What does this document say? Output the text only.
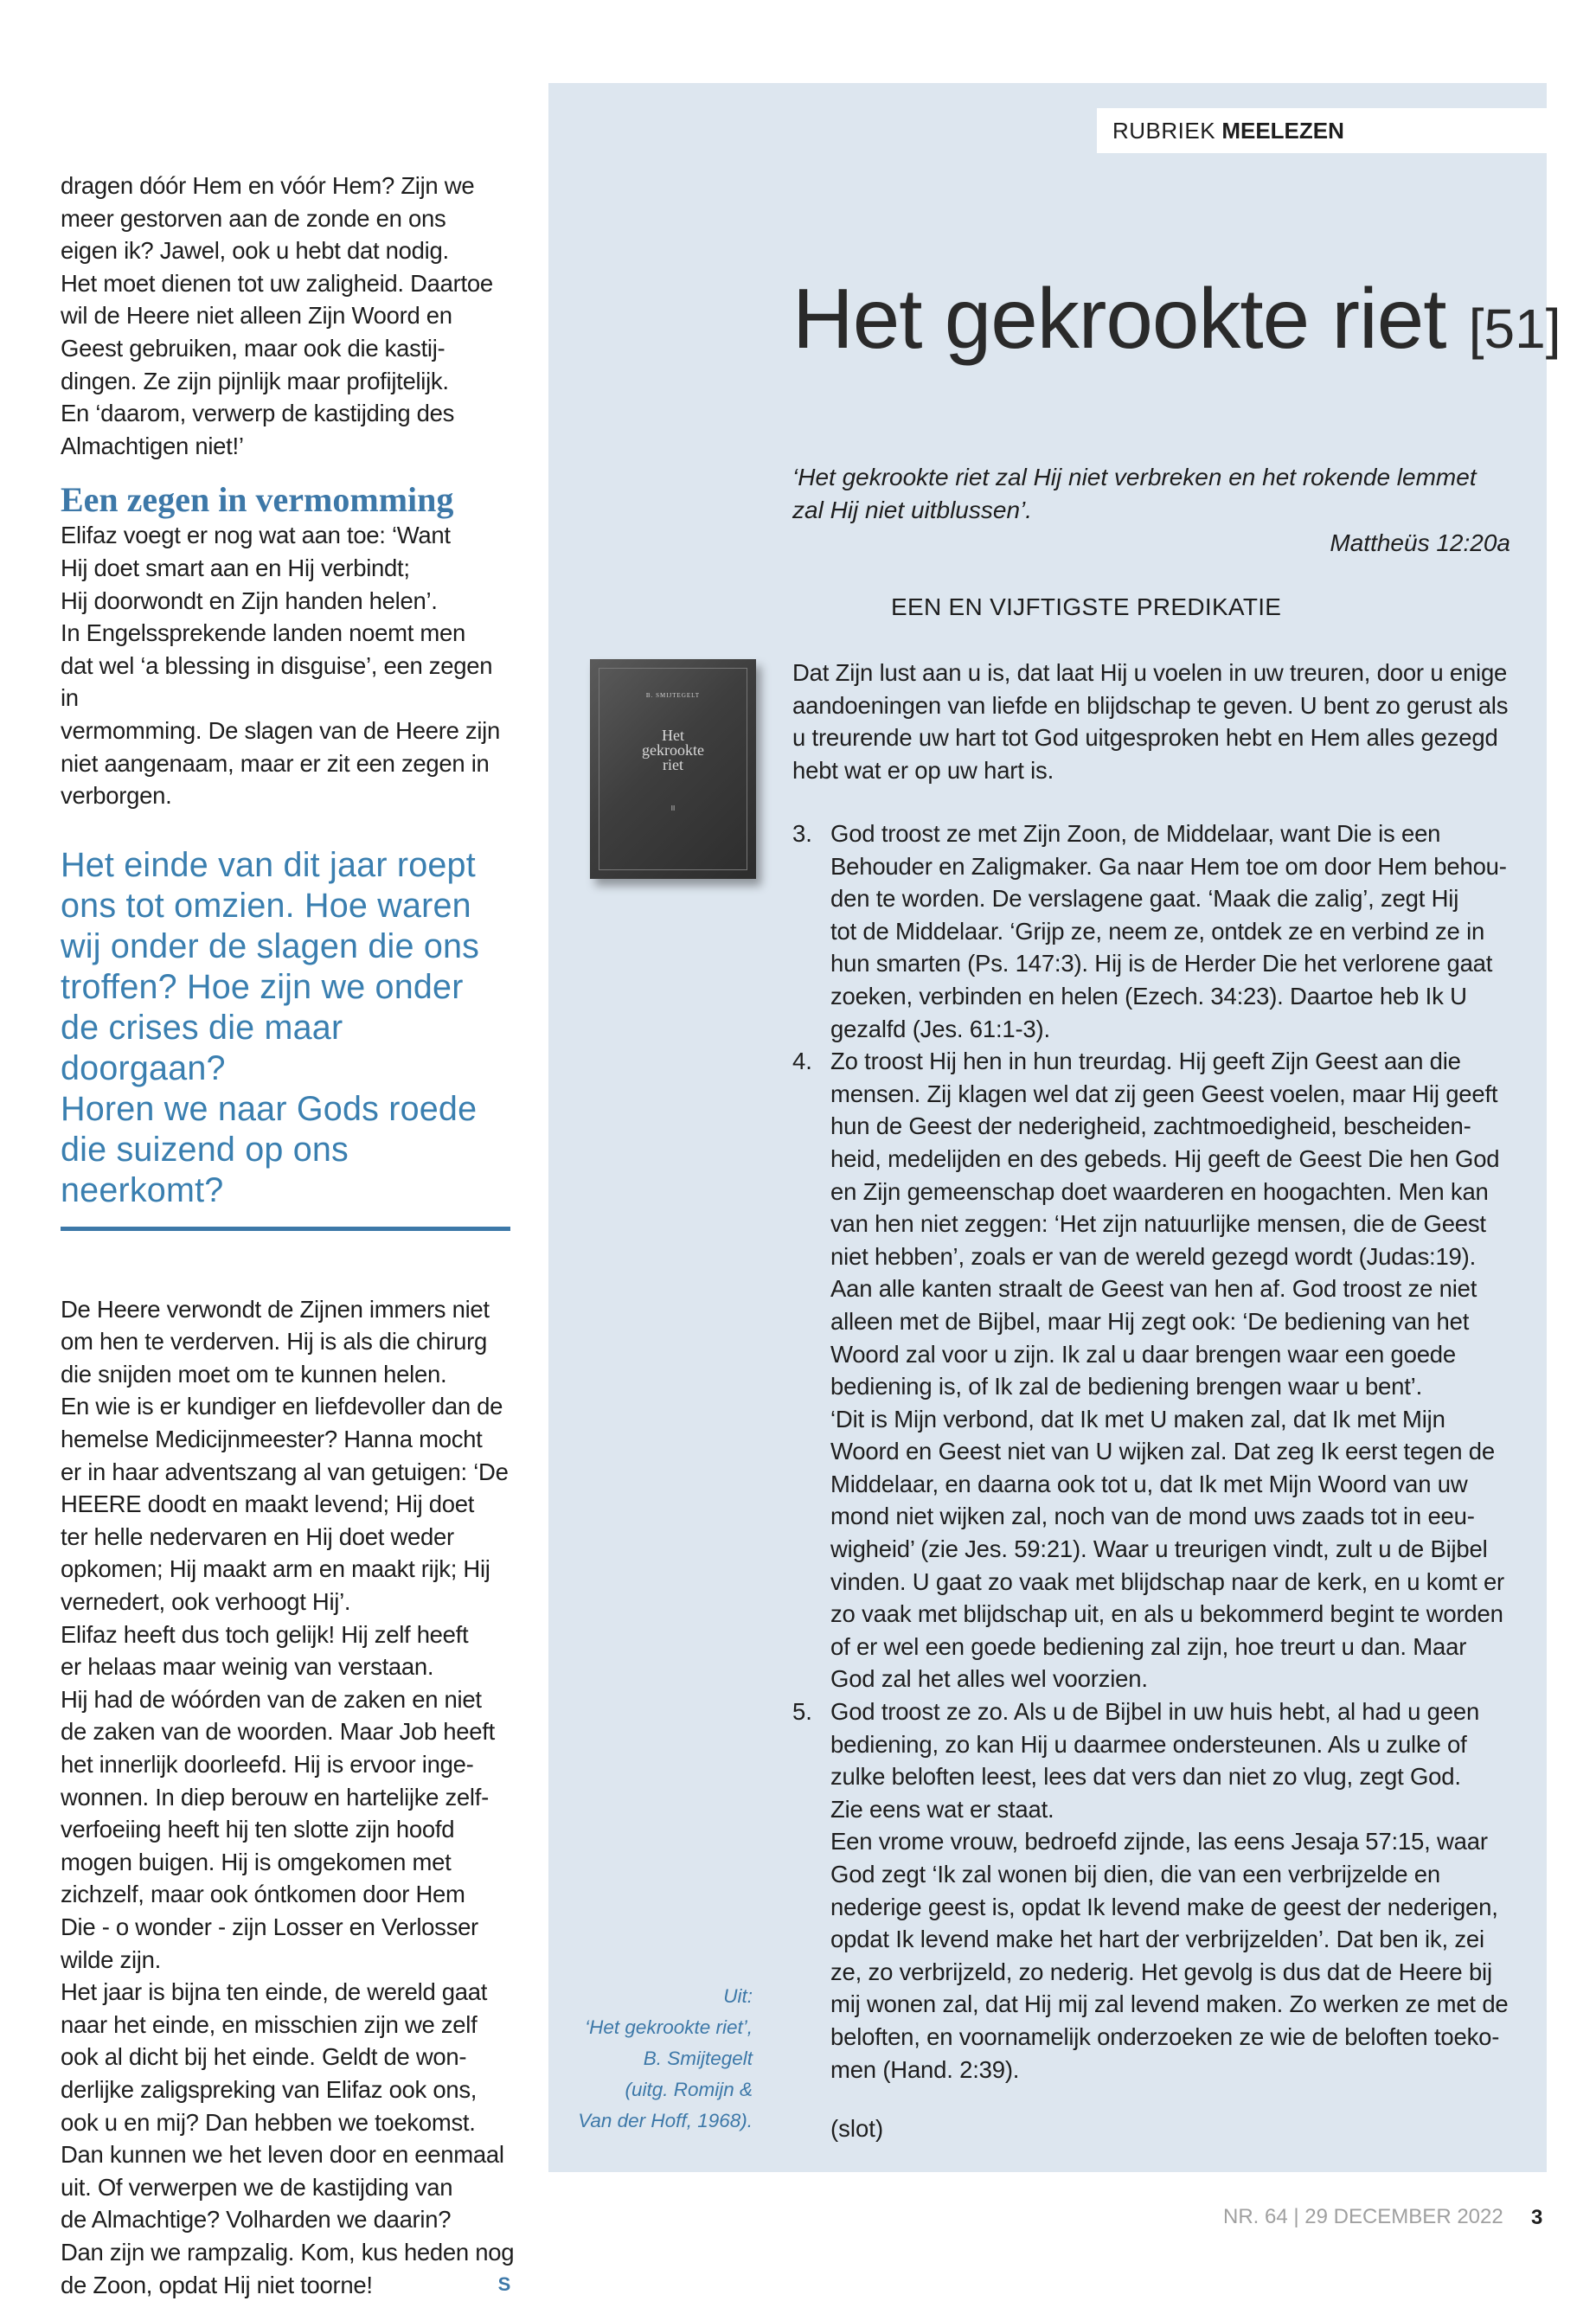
RUBRIEK MEELEZEN

dragen dóór Hem en vóór Hem? Zijn we
meer gestorven aan de zonde en ons
eigen ik? Jawel, ook u hebt dat nodig.
Het moet dienen tot uw zaligheid. Daartoe
wil de Heere niet alleen Zijn Woord en
Geest gebruiken, maar ook die kastij-
dingen. Ze zijn pijnlijk maar profijtelijk.
En ‘daarom, verwerp de kastijding des
Almachtigen niet!’

Een zegen in vermomming

Elifaz voegt er nog wat aan toe: ‘Want
Hij doet smart aan en Hij verbindt;
Hij doorwondt en Zijn handen helen’.
In Engelssprekende landen noemt men
dat wel ‘a blessing in disguise’, een zegen in
vermomming. De slagen van de Heere zijn
niet aangenaam, maar er zit een zegen in
verborgen.

Het einde van dit jaar roept
ons tot omzien. Hoe waren
wij onder de slagen die ons
troffen? Hoe zijn we onder
de crises die maar doorgaan?
Horen we naar Gods roede
die suizend op ons neerkomt?

De Heere verwondt de Zijnen immers niet
om hen te verderven. Hij is als die chirurg
die snijden moet om te kunnen helen.
En wie is er kundiger en liefdevoller dan de
hemelse Medicijnmeester? Hanna mocht
er in haar adventszang al van getuigen: ‘De
HEERE doodt en maakt levend; Hij doet
ter helle nedervaren en Hij doet weder
opkomen; Hij maakt arm en maakt rijk; Hij
vernedert, ook verhoogt Hij’.
Elifaz heeft dus toch gelijk! Hij zelf heeft
er helaas maar weinig van verstaan.
Hij had de wóórden van de zaken en niet
de zaken van de woorden. Maar Job heeft
het innerlijk doorleefd. Hij is ervoor inge-
wonnen. In diep berouw en hartelijke zelf-
verfoeiing heeft hij ten slotte zijn hoofd
mogen buigen. Hij is omgekomen met
zichzelf, maar ook óntkomen door Hem
Die - o wonder - zijn Losser en Verlosser
wilde zijn.
Het jaar is bijna ten einde, de wereld gaat
naar het einde, en misschien zijn we zelf
ook al dicht bij het einde. Geldt de won-
derlijke zaligspreking van Elifaz ook ons,
ook u en mij? Dan hebben we toekomst.
Dan kunnen we het leven door en eenmaal
uit. Of verwerpen we de kastijding van
de Almachtige? Volharden we daarin?
Dan zijn we rampzalig. Kom, kus heden nog
de Zoon, opdat Hij niet toorne!	S
Het gekrookte riet [51]

‘Het gekrookte riet zal Hij niet verbreken en het rokende lemmet zal Hij niet uitblussen’.

Mattheüs 12:20a

EEN EN VIJFTIGSTE PREDIKATIE

Dat Zijn lust aan u is, dat laat Hij u voelen in uw treuren, door u enige
aandoeningen van liefde en blijdschap te geven. U bent zo gerust als
u treurende uw hart tot God uitgesproken hebt en Hem alles gezegd
hebt wat er op uw hart is.

3. God troost ze met Zijn Zoon, de Middelaar, want Die is een
Behouder en Zaligmaker. Ga naar Hem toe om door Hem behou-
den te worden. De verslagene gaat. ‘Maak die zalig’, zegt Hij
tot de Middelaar. ‘Grijp ze, neem ze, ontdek ze en verbind ze in
hun smarten (Ps. 147:3). Hij is de Herder Die het verlorene gaat
zoeken, verbinden en helen (Ezech. 34:23). Daartoe heb Ik U
gezalfd (Jes. 61:1-3).

4. Zo troost Hij hen in hun treurdag. Hij geeft Zijn Geest aan die
mensen. Zij klagen wel dat zij geen Geest voelen, maar Hij geeft
hun de Geest der nederigheid, zachtmoedigheid, bescheiden-
heid, medelijden en des gebeds. Hij geeft de Geest Die hen God
en Zijn gemeenschap doet waarderen en hoogachten. Men kan
van hen niet zeggen: ‘Het zijn natuurlijke mensen, die de Geest
niet hebben’, zoals er van de wereld gezegd wordt (Judas:19).
Aan alle kanten straalt de Geest van hen af. God troost ze niet
alleen met de Bijbel, maar Hij zegt ook: ‘De bediening van het
Woord zal voor u zijn. Ik zal u daar brengen waar een goede
bediening is, of Ik zal de bediening brengen waar u bent’.
‘Dit is Mijn verbond, dat Ik met U maken zal, dat Ik met Mijn
Woord en Geest niet van U wijken zal. Dat zeg Ik eerst tegen de
Middelaar, en daarna ook tot u, dat Ik met Mijn Woord van uw
mond niet wijken zal, noch van de mond uws zaads tot in eeu-
wigheid’ (zie Jes. 59:21). Waar u treurigen vindt, zult u de Bijbel
vinden. U gaat zo vaak met blijdschap naar de kerk, en u komt er
zo vaak met blijdschap uit, en als u bekommerd begint te worden
of er wel een goede bediening zal zijn, hoe treurt u dan. Maar
God zal het alles wel voorzien.

5. God troost ze zo. Als u de Bijbel in uw huis hebt, al had u geen
bediening, zo kan Hij u daarmee ondersteunen. Als u zulke of
zulke beloften leest, lees dat vers dan niet zo vlug, zegt God.
Zie eens wat er staat.
Een vrome vrouw, bedroefd zijnde, las eens Jesaja 57:15, waar
God zegt ‘Ik zal wonen bij dien, die van een verbrijzelde en
nederige geest is, opdat Ik levend make de geest der nederigen,
opdat Ik levend make het hart der verbrijzelden’. Dat ben ik, zei
ze, zo verbrijzeld, zo nederig. Het gevolg is dus dat de Heere bij
mij wonen zal, dat Hij mij zal levend maken. Zo werken ze met de
beloften, en voornamelijk onderzoeken ze wie de beloften toeko-
men (Hand. 2:39).

(slot)

B. SMIJTEGELT
Het
gekrookte
riet
II

Uit:
‘Het gekrookte riet’,
B. Smijtegelt
(uitg. Romijn &
Van der Hoff, 1968).

NR. 64 | 29 DECEMBER 2022 3
